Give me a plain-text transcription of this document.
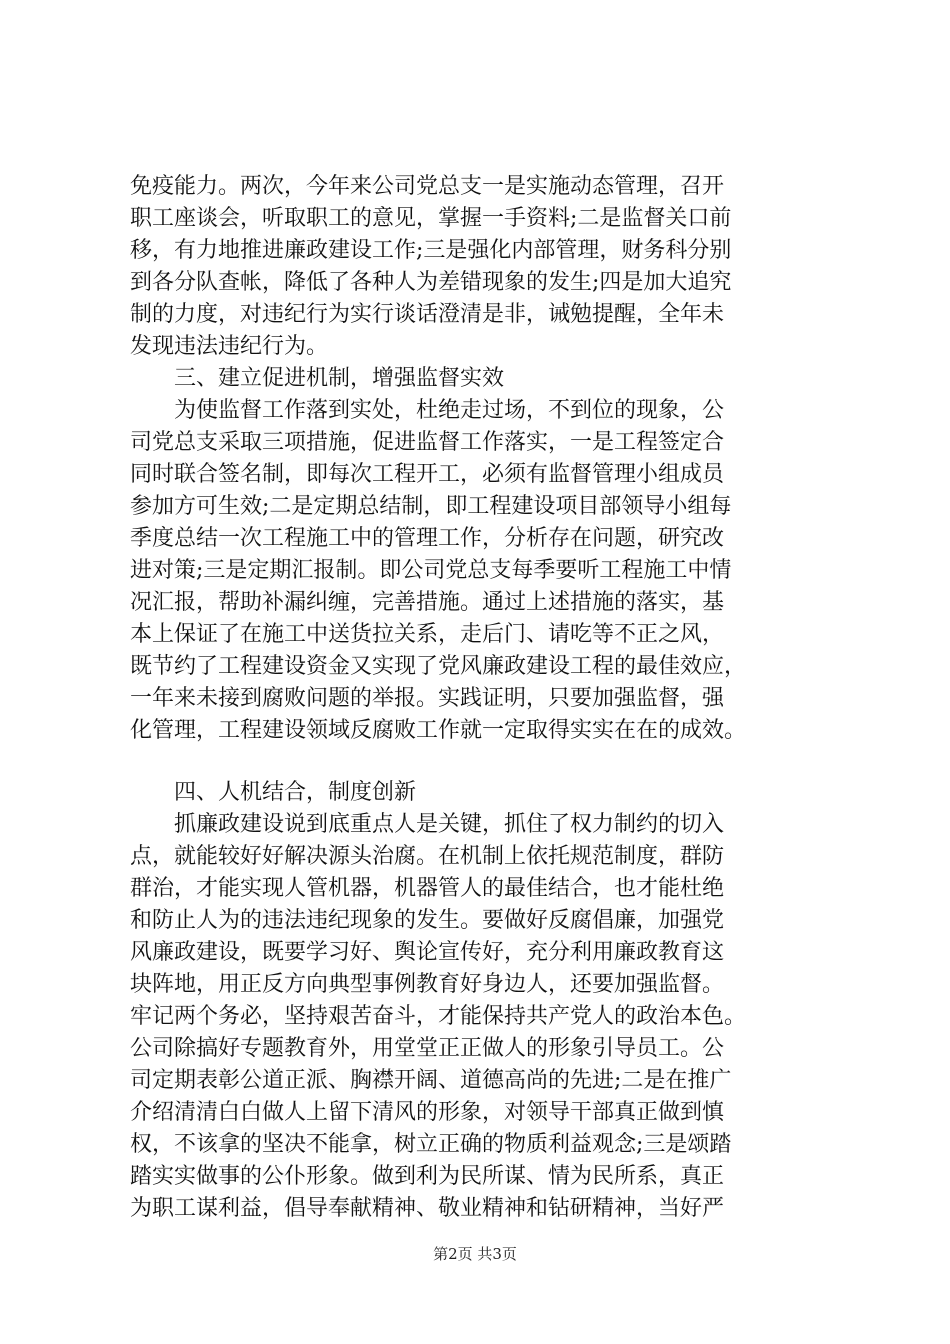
免疫能力。两次，今年来公司党总支一是实施动态管理，召开
职工座谈会，听取职工的意见，掌握一手资料;二是监督关口前
移，有力地推进廉政建设工作;三是强化内部管理，财务科分别
到各分队查帐，降低了各种人为差错现象的发生;四是加大追究
制的力度，对违纪行为实行谈话澄清是非，诫勉提醒，全年未
发现违法违纪行为。
　　三、建立促进机制，增强监督实效
　　为使监督工作落到实处，杜绝走过场，不到位的现象，公
司党总支采取三项措施，促进监督工作落实，一是工程签定合
同时联合签名制，即每次工程开工，必须有监督管理小组成员
参加方可生效;二是定期总结制，即工程建设项目部领导小组每
季度总结一次工程施工中的管理工作，分析存在问题，研究改
进对策;三是定期汇报制。即公司党总支每季要听工程施工中情
况汇报，帮助补漏纠缠，完善措施。通过上述措施的落实，基
本上保证了在施工中送货拉关系，走后门、请吃等不正之风，
既节约了工程建设资金又实现了党风廉政建设工程的最佳效应，
一年来未接到腐败问题的举报。实践证明，只要加强监督，强
化管理，工程建设领域反腐败工作就一定取得实实在在的成效。
　　四、人机结合，制度创新
　　抓廉政建设说到底重点人是关键，抓住了权力制约的切入
点，就能较好好解决源头治腐。在机制上依托规范制度，群防
群治，才能实现人管机器，机器管人的最佳结合，也才能杜绝
和防止人为的违法违纪现象的发生。要做好反腐倡廉，加强党
风廉政建设，既要学习好、舆论宣传好，充分利用廉政教育这
块阵地，用正反方向典型事例教育好身边人，还要加强监督。
牢记两个务必，坚持艰苦奋斗，才能保持共产党人的政治本色。
公司除搞好专题教育外，用堂堂正正做人的形象引导员工。公
司定期表彰公道正派、胸襟开阔、道德高尚的先进;二是在推广
介绍清清白白做人上留下清风的形象，对领导干部真正做到慎
权，不该拿的坚决不能拿，树立正确的物质利益观念;三是颂踏
踏实实做事的公仆形象。做到利为民所谋、情为民所系，真正
为职工谋利益，倡导奉献精神、敬业精神和钻研精神，当好严
第2页 共3页
